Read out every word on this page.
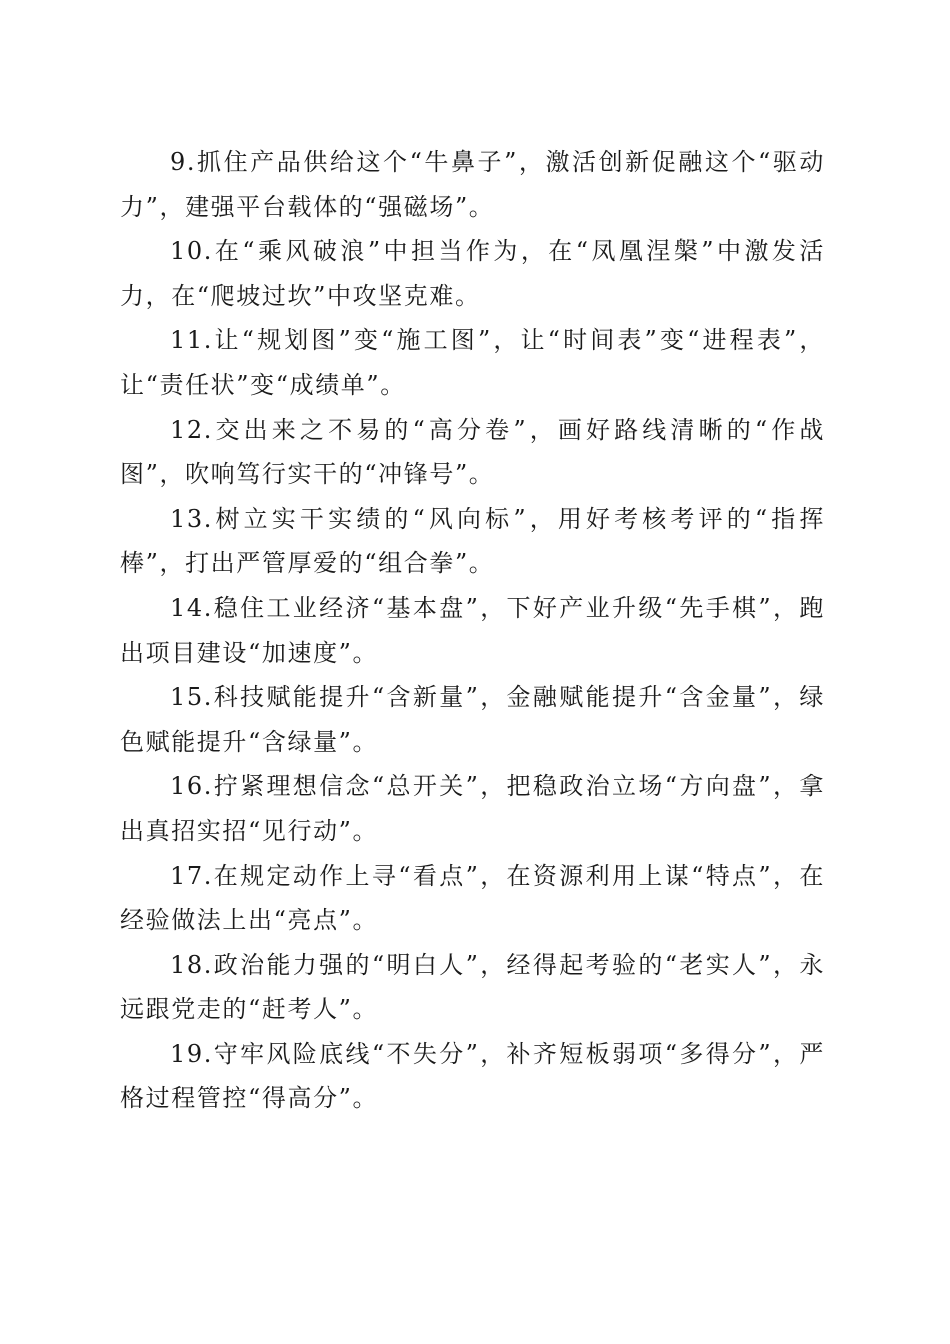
9.抓住产品供给这个“牛鼻子”，激活创新促融这个“驱动力”，建强平台载体的“强磁场”。

10.在“乘风破浪”中担当作为，在“凤凰涅槃”中激发活力，在“爬坡过坎”中攻坚克难。

11.让“规划图”变“施工图”，让“时间表”变“进程表”，让“责任状”变“成绩单”。

12.交出来之不易的“高分卷”，画好路线清晰的“作战图”，吹响笃行实干的“冲锋号”。

13.树立实干实绩的“风向标”，用好考核考评的“指挥棒”，打出严管厚爱的“组合拳”。

14.稳住工业经济“基本盘”，下好产业升级“先手棋”，跑出项目建设“加速度”。

15.科技赋能提升“含新量”，金融赋能提升“含金量”，绿色赋能提升“含绿量”。

16.拧紧理想信念“总开关”，把稳政治立场“方向盘”，拿出真招实招“见行动”。

17.在规定动作上寻“看点”，在资源利用上谋“特点”，在经验做法上出“亮点”。

18.政治能力强的“明白人”，经得起考验的“老实人”，永远跟党走的“赶考人”。

19.守牢风险底线“不失分”，补齐短板弱项“多得分”，严格过程管控“得高分”。
